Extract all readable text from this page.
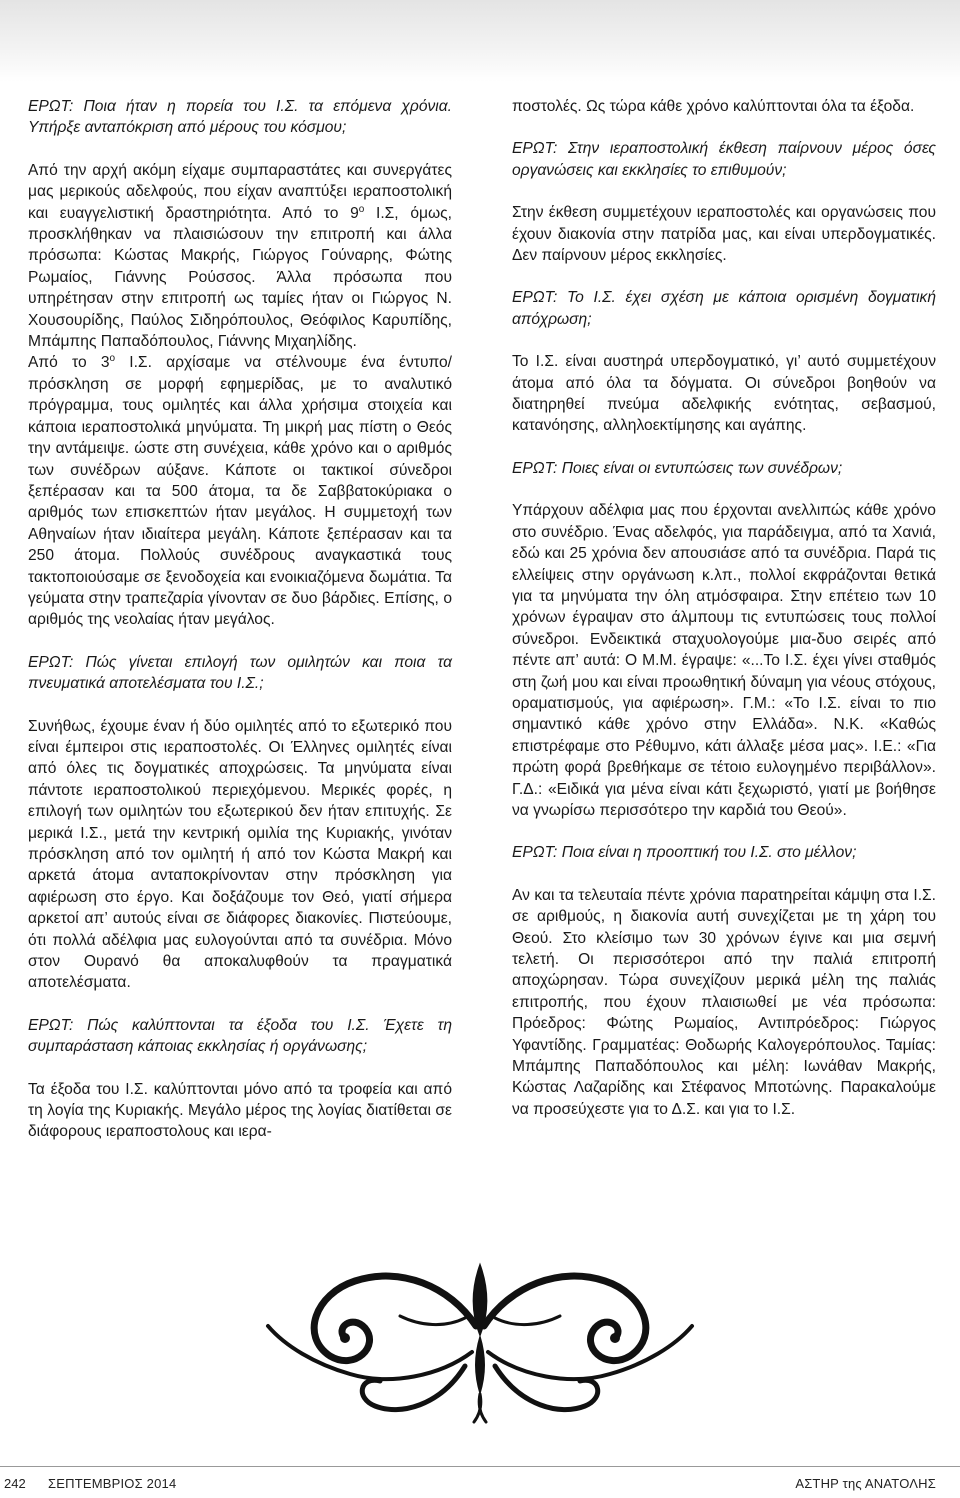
ΕΡΩΤ: Ποια ήταν η πορεία του Ι.Σ. τα επόμενα χρόνια. Υπήρξε ανταπόκριση από μέρους του κόσμου;

Από την αρχή ακόμη είχαμε συμπαραστάτες και συνεργάτες μας μερικούς αδελφούς, που είχαν αναπτύξει ιεραποστολική και ευαγγελιστική δραστηριότητα. Από το $9^o$ Ι.Σ, όμως, προσκλήθηκαν να πλαισιώσουν την επιτροπή και άλλα πρόσωπα: Κώστας Μακρής, Γιώργος Γούναρης, Φώτης Ρωμαίος, Γιάννης Ρούσσος. Άλλα πρόσωπα που υπηρέτησαν στην επιτροπή ως ταμίες ήταν οι Γιώργος Ν. Χουσουρίδης, Παύλος Σιδηρόπουλος, Θεόφιλος Καρυπίδης, Μπάμπης Παπαδόπουλος, Γιάννης Μιχαηλίδης.

Από το $3^o$ Ι.Σ. αρχίσαμε να στέλνουμε ένα έντυπο/πρόσκληση σε μορφή εφημερίδας, με το αναλυτικό πρόγραμμα, τους ομιλητές και άλλα χρήσιμα στοιχεία και κάποια ιεραποστολικά μηνύματα. Τη μικρή μας πίστη ο Θεός την αντάμειψε. ώστε στη συνέχεια, κάθε χρόνο και ο αριθμός των συνέδρων αύξανε. Κάποτε οι τακτικοί σύνεδροι ξεπέρασαν και τα 500 άτομα, τα δε Σαββατοκύριακα ο αριθμός των επισκεπτών ήταν μεγάλος. Η συμμετοχή των Αθηναίων ήταν ιδιαίτερα μεγάλη. Κάποτε ξεπέρασαν και τα 250 άτομα. Πολλούς συνέδρους αναγκαστικά τους τακτοποιούσαμε σε ξενοδοχεία και ενοικιαζόμενα δωμάτια. Τα γεύματα στην τραπεζαρία γίνονταν σε δυο βάρδιες. Επίσης, ο αριθμός της νεολαίας ήταν μεγάλος.

ΕΡΩΤ: Πώς γίνεται επιλογή των ομιλητών και ποια τα πνευματικά αποτελέσματα του Ι.Σ.;

Συνήθως, έχουμε έναν ή δύο ομιλητές από το εξωτερικό που είναι έμπειροι στις ιεραποστολές. Οι Έλληνες ομιλητές είναι από όλες τις δογματικές αποχρώσεις. Τα μηνύματα είναι πάντοτε ιεραποστολικού περιεχόμενου. Μερικές φορές, η επιλογή των ομιλητών του εξωτερικού δεν ήταν επιτυχής. Σε μερικά Ι.Σ., μετά την κεντρική ομιλία της Κυριακής, γινόταν πρόσκληση από τον ομιλητή ή από τον Κώστα Μακρή και αρκετά άτομα ανταποκρίνονταν στην πρόσκληση για αφιέρωση στο έργο. Και δοξάζουμε τον Θεό, γιατί σήμερα αρκετοί απ’ αυτούς είναι σε διάφορες διακονίες. Πιστεύουμε, ότι πολλά αδέλφια μας ευλογούνται από τα συνέδρια. Μόνο στον Ουρανό θα αποκαλυφθούν τα πραγματικά αποτελέσματα.

ΕΡΩΤ: Πώς καλύπτονται τα έξοδα του Ι.Σ. Έχετε τη συμπαράσταση κάποιας εκκλησίας ή οργάνωσης;

Τα έξοδα του Ι.Σ. καλύπτονται μόνο από τα τροφεία και από τη λογία της Κυριακής. Μεγάλο μέρος της λογίας διατίθεται σε διάφορους ιεραποστολους και ιερα-

ποστολές. Ως τώρα κάθε χρόνο καλύπτονται όλα τα έξοδα.

ΕΡΩΤ: Στην ιεραποστολική έκθεση παίρνουν μέρος όσες οργανώσεις και εκκλησίες το επιθυμούν;

Στην έκθεση συμμετέχουν ιεραποστολές και οργανώσεις που έχουν διακονία στην πατρίδα μας, και είναι υπερδογματικές. Δεν παίρνουν μέρος εκκλησίες.

ΕΡΩΤ: Το Ι.Σ. έχει σχέση με κάποια ορισμένη δογματική απόχρωση;

Το Ι.Σ. είναι αυστηρά υπερδογματικό, γι’ αυτό συμμετέχουν άτομα από όλα τα δόγματα. Οι σύνεδροι βοηθούν να διατηρηθεί πνεύμα αδελφικής ενότητας, σεβασμού, κατανόησης, αλληλοεκτίμησης και αγάπης.

ΕΡΩΤ: Ποιες είναι οι εντυπώσεις των συνέδρων;

Υπάρχουν αδέλφια μας που έρχονται ανελλιπώς κάθε χρόνο στο συνέδριο. Ένας αδελφός, για παράδειγμα, από τα Χανιά, εδώ και 25 χρόνια δεν απουσιάσε από τα συνέδρια. Παρά τις ελλείψεις στην οργάνωση κ.λπ., πολλοί εκφράζονται θετικά για τα μηνύματα την όλη ατμόσφαιρα. Στην επέτειο των 10 χρόνων έγραψαν στο άλμπουμ τις εντυπώσεις τους πολλοί σύνεδροι. Ενδεικτικά σταχυολογούμε μια-δυο σειρές από πέντε απ’ αυτά: Ο Μ.Μ. έγραψε: «...Το Ι.Σ. έχει γίνει σταθμός στη ζωή μου και είναι προωθητική δύναμη για νέους στόχους, οραματισμούς, για αφιέρωση». Γ.Μ.: «Το Ι.Σ. είναι το πιο σημαντικό κάθε χρόνο στην Ελλάδα». Ν.Κ. «Καθώς επιστρέφαμε στο Ρέθυμνο, κάτι άλλαξε μέσα μας». Ι.Ε.: «Για πρώτη φορά βρεθήκαμε σε τέτοιο ευλογημένο περιβάλλον». Γ.Δ.: «Ειδικά για μένα είναι κάτι ξεχωριστό, γιατί με βοήθησε να γνωρίσω περισσότερο την καρδιά του Θεού».

ΕΡΩΤ: Ποια είναι η προοπτική του Ι.Σ. στο μέλλον;

Αν και τα τελευταία πέντε χρόνια παρατηρείται κάμψη στα Ι.Σ. σε αριθμούς, η διακονία αυτή συνεχίζεται με τη χάρη του Θεού. Στο κλείσιμο των 30 χρόνων έγινε και μια σεμνή τελετή. Οι περισσότεροι από την παλιά επιτροπή αποχώρησαν. Τώρα συνεχίζουν μερικά μέλη της παλιάς επιτροπής, που έχουν πλαισιωθεί με νέα πρόσωπα: Πρόεδρος: Φώτης Ρωμαίος, Αντιπρόεδρος: Γιώργος Υφαντίδης. Γραμματέας: Θοδωρής Καλογερόπουλος. Ταμίας: Μπάμπης Παπαδόπουλος και μέλη: Ιωνάθαν Μακρής, Κώστας Λαζαρίδης και Στέφανος Μποτώνης. Παρακαλούμε να προσεύχεστε για το Δ.Σ. και για το Ι.Σ.

242 ΣΕΠΤΕΜΒΡΙΟΣ 2014	ΑΣΤΗΡ της ΑΝΑΤΟΛΗΣ
